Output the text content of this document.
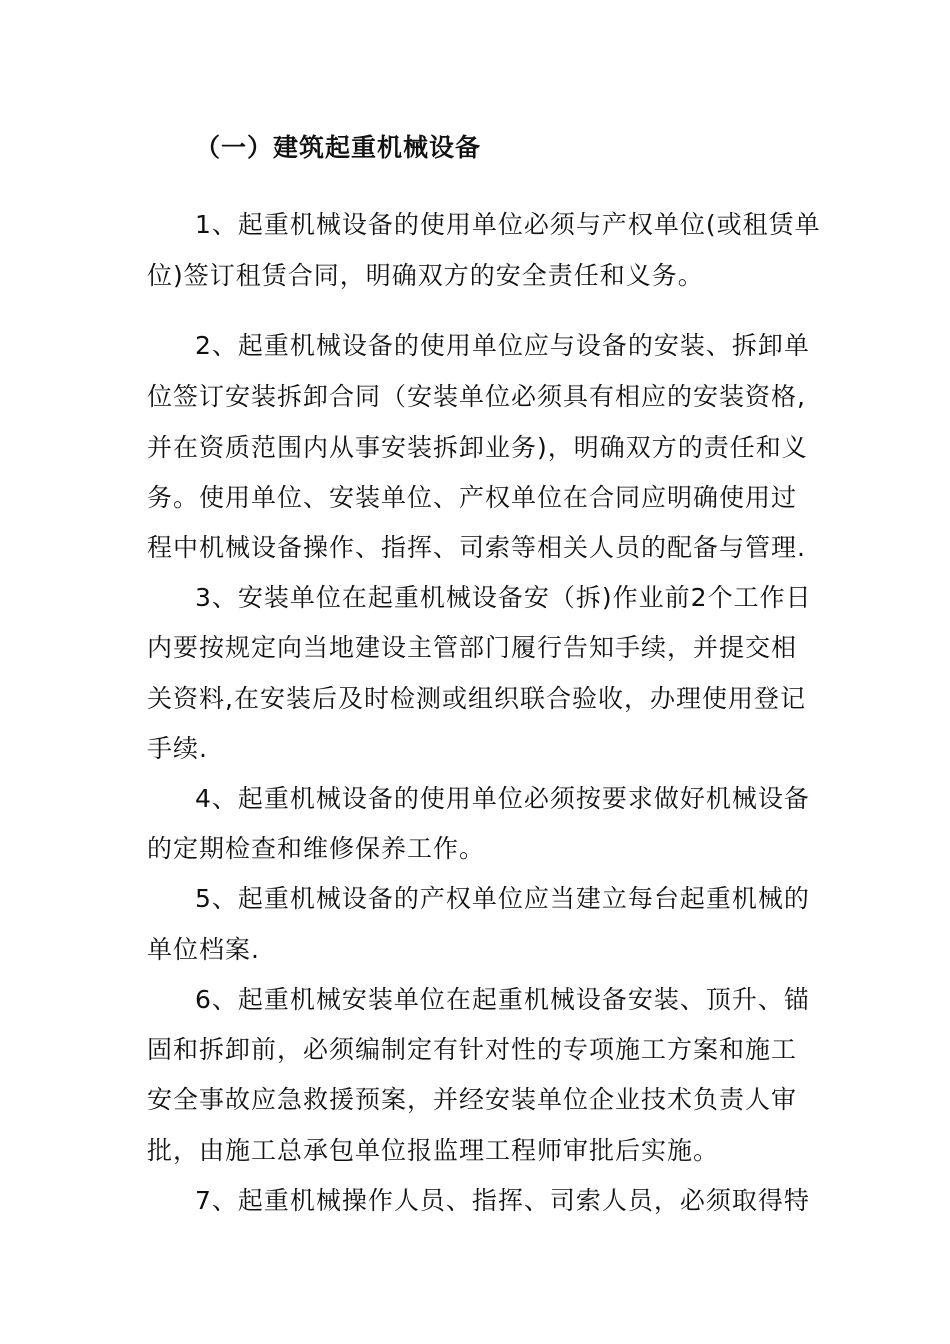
（一）建筑起重机械设备
1、起重机械设备的使用单位必须与产权单位(或租赁单
位)签订租赁合同，明确双方的安全责任和义务。
2、起重机械设备的使用单位应与设备的安装、拆卸单
位签订安装拆卸合同（安装单位必须具有相应的安装资格,
并在资质范围内从事安装拆卸业务)，明确双方的责任和义
务。使用单位、安装单位、产权单位在合同应明确使用过
程中机械设备操作、指挥、司索等相关人员的配备与管理.
3、安装单位在起重机械设备安（拆)作业前2个工作日
内要按规定向当地建设主管部门履行告知手续，并提交相
关资料,在安装后及时检测或组织联合验收，办理使用登记
手续.
4、起重机械设备的使用单位必须按要求做好机械设备
的定期检查和维修保养工作。
5、起重机械设备的产权单位应当建立每台起重机械的
单位档案.
6、起重机械安装单位在起重机械设备安装、顶升、锚
固和拆卸前，必须编制定有针对性的专项施工方案和施工
安全事故应急救援预案，并经安装单位企业技术负责人审
批，由施工总承包单位报监理工程师审批后实施。
7、起重机械操作人员、指挥、司索人员，必须取得特
